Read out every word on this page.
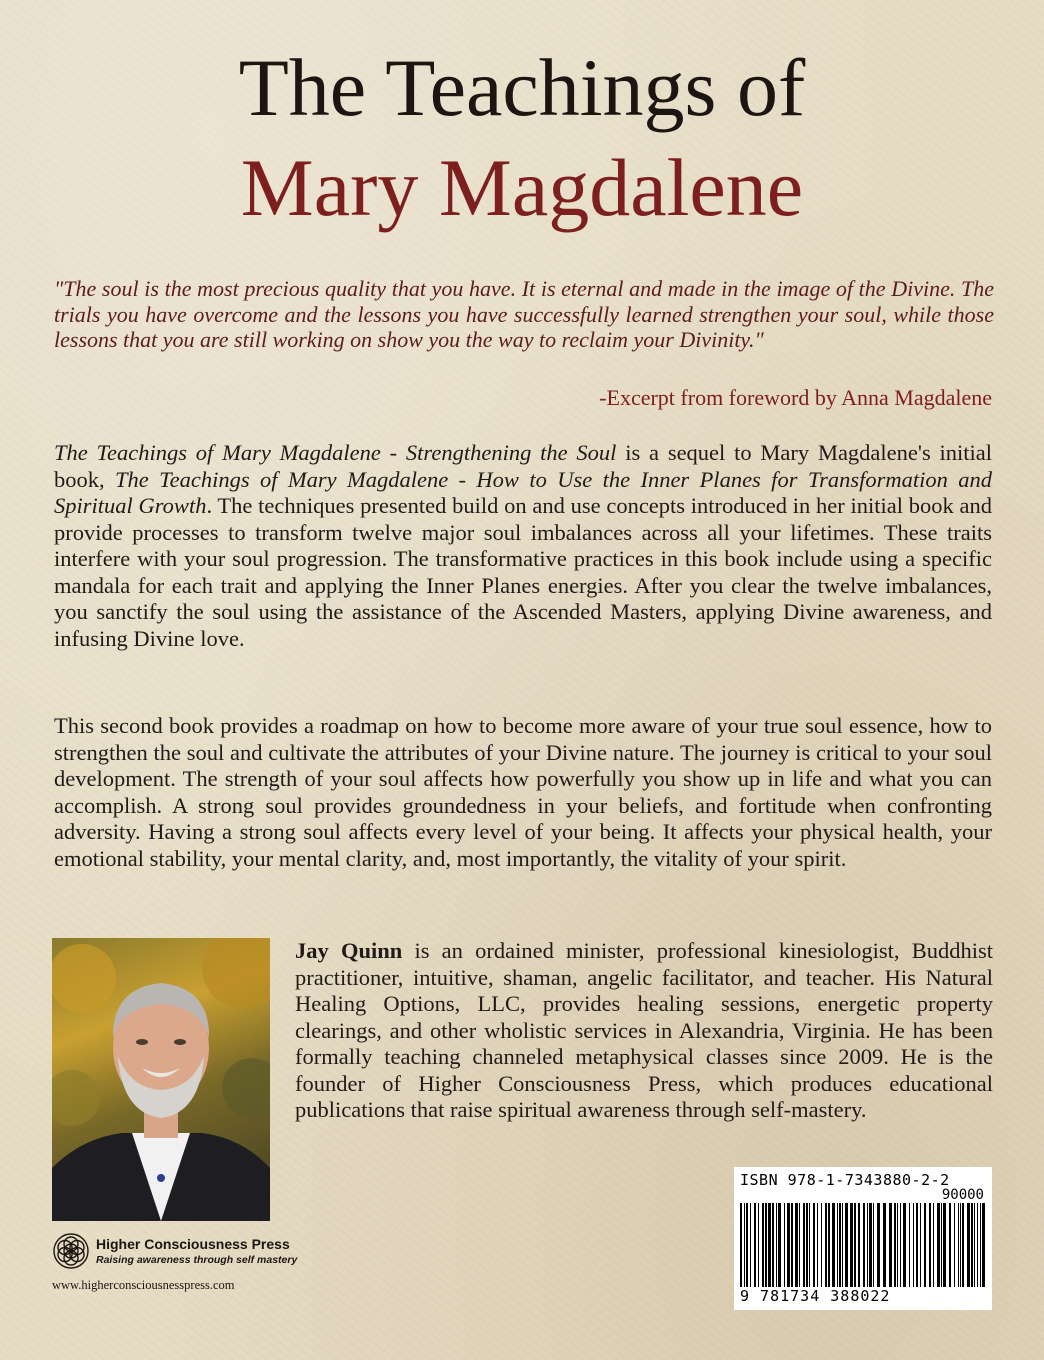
The Teachings of
Mary Magdalene
"The soul is the most precious quality that you have. It is eternal and made in the image of the Divine. The trials you have overcome and the lessons you have successfully learned strengthen your soul, while those lessons that you are still working on show you the way to reclaim your Divinity."
-Excerpt from foreword by Anna Magdalene
The Teachings of Mary Magdalene - Strengthening the Soul is a sequel to Mary Magdalene's initial book, The Teachings of Mary Magdalene - How to Use the Inner Planes for Transformation and Spiritual Growth. The techniques presented build on and use concepts introduced in her initial book and provide processes to transform twelve major soul imbalances across all your lifetimes. These traits interfere with your soul progression. The transformative practices in this book include using a specific mandala for each trait and applying the Inner Planes energies. After you clear the twelve imbalances, you sanctify the soul using the assistance of the Ascended Masters, applying Divine awareness, and infusing Divine love.
This second book provides a roadmap on how to become more aware of your true soul essence, how to strengthen the soul and cultivate the attributes of your Divine nature. The journey is critical to your soul development. The strength of your soul affects how powerfully you show up in life and what you can accomplish. A strong soul provides groundedness in your beliefs, and fortitude when confronting adversity. Having a strong soul affects every level of your being. It affects your physical health, your emotional stability, your mental clarity, and, most importantly, the vitality of your spirit.
Jay Quinn is an ordained minister, professional kinesiologist, Buddhist practitioner, intuitive, shaman, angelic facilitator, and teacher. His Natural Healing Options, LLC, provides healing sessions, energetic property clearings, and other wholistic services in Alexandria, Virginia. He has been formally teaching channeled metaphysical classes since 2009. He is the founder of Higher Consciousness Press, which produces educational publications that raise spiritual awareness through self-mastery.
Higher Consciousness Press
Raising awareness through self mastery
www.higherconsciousnesspress.com
ISBN 978-1-7343880-2-2
90000
9 781734 388022
